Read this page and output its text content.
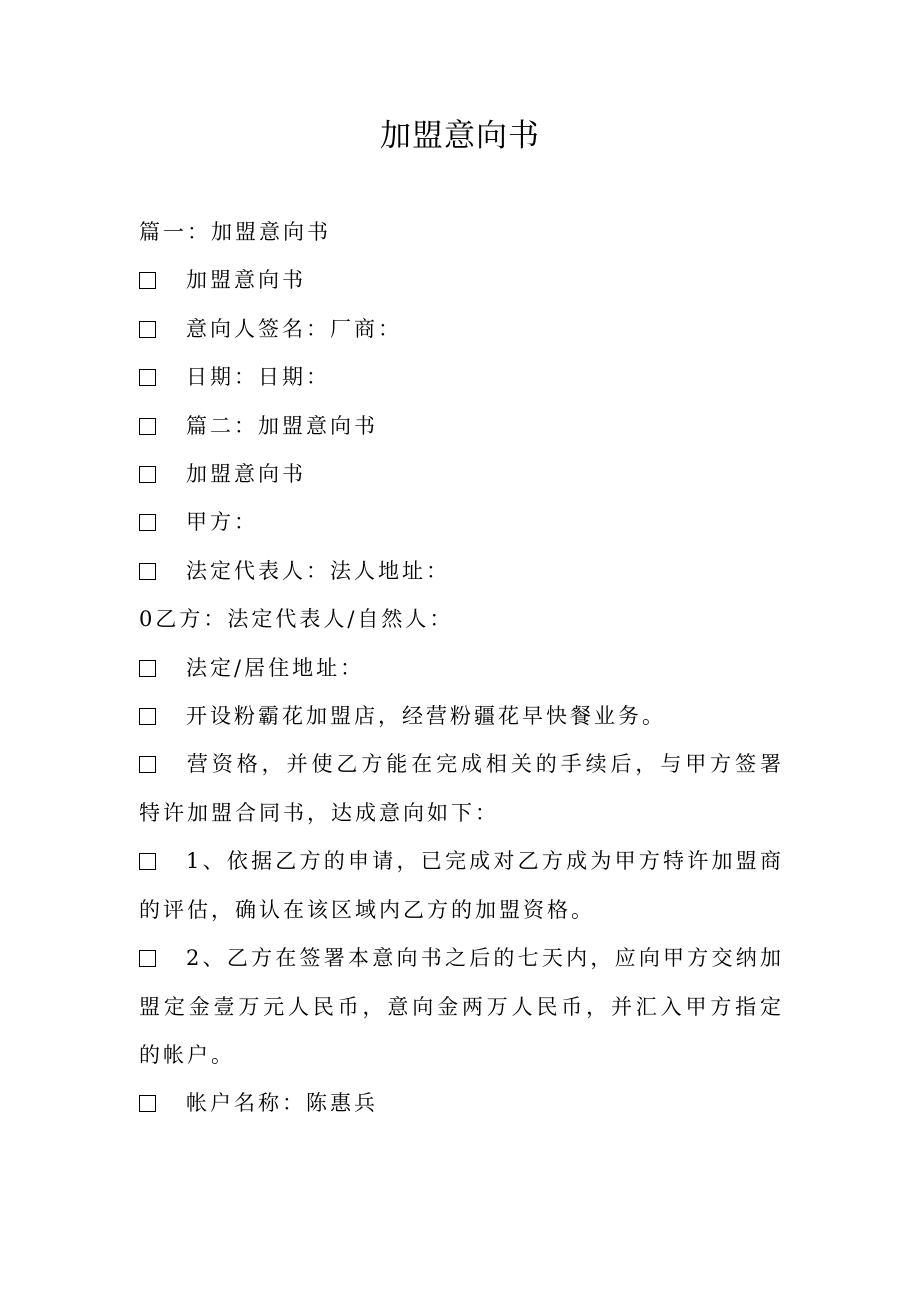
加盟意向书

篇一：加盟意向书

加盟意向书

意向人签名：厂商：

日期：日期：

篇二：加盟意向书

加盟意向书

甲方：

法定代表人：法人地址：

0乙方：法定代表人/自然人：

法定/居住地址：

开设粉霸花加盟店，经营粉疆花早快餐业务。

营资格，并使乙方能在完成相关的手续后，与甲方签署特许加盟合同书，达成意向如下：

1、依据乙方的申请，已完成对乙方成为甲方特许加盟商的评估，确认在该区域内乙方的加盟资格。

2、乙方在签署本意向书之后的七天内，应向甲方交纳加盟定金壹万元人民币，意向金两万人民币，并汇入甲方指定的帐户。

帐户名称：陈惠兵
